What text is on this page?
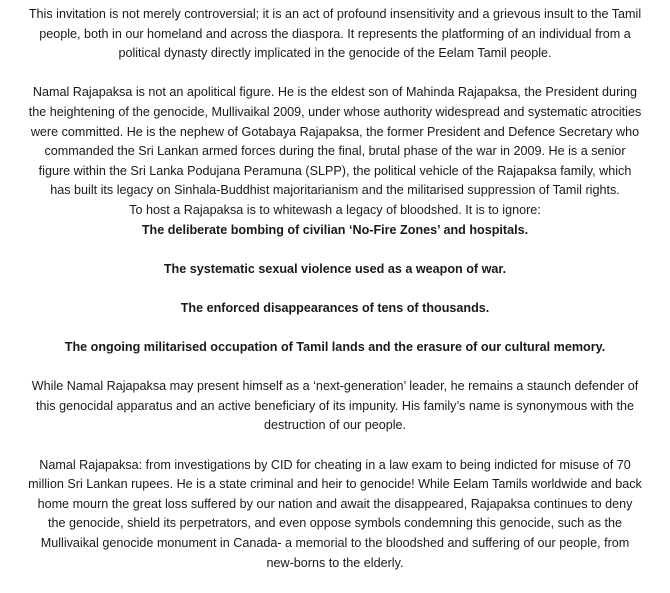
This invitation is not merely controversial; it is an act of profound insensitivity and a grievous insult to the Tamil people, both in our homeland and across the diaspora. It represents the platforming of an individual from a political dynasty directly implicated in the genocide of the Eelam Tamil people.

Namal Rajapaksa is not an apolitical figure. He is the eldest son of Mahinda Rajapaksa, the President during the heightening of the genocide, Mullivaikal 2009, under whose authority widespread and systematic atrocities were committed. He is the nephew of Gotabaya Rajapaksa, the former President and Defence Secretary who commanded the Sri Lankan armed forces during the final, brutal phase of the war in 2009. He is a senior figure within the Sri Lanka Podujana Peramuna (SLPP), the political vehicle of the Rajapaksa family, which has built its legacy on Sinhala-Buddhist majoritarianism and the militarised suppression of Tamil rights.

To host a Rajapaksa is to whitewash a legacy of bloodshed. It is to ignore:

The deliberate bombing of civilian ‘No-Fire Zones’ and hospitals.

The systematic sexual violence used as a weapon of war.

The enforced disappearances of tens of thousands.

The ongoing militarised occupation of Tamil lands and the erasure of our cultural memory.

While Namal Rajapaksa may present himself as a ‘next-generation’ leader, he remains a staunch defender of this genocidal apparatus and an active beneficiary of its impunity. His family’s name is synonymous with the destruction of our people.

Namal Rajapaksa: from investigations by CID for cheating in a law exam to being indicted for misuse of 70 million Sri Lankan rupees. He is a state criminal and heir to genocide! While Eelam Tamils worldwide and back home mourn the great loss suffered by our nation and await the disappeared, Rajapaksa continues to deny the genocide, shield its perpetrators, and even oppose symbols condemning this genocide, such as the Mullivaikal genocide monument in Canada- a memorial to the bloodshed and suffering of our people, from new-borns to the elderly.
